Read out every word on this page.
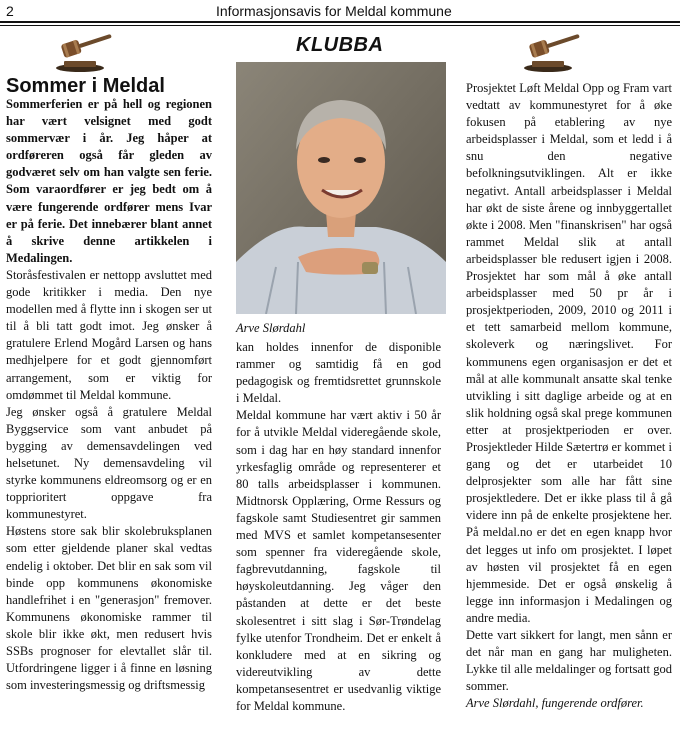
2	Informasjonsavis for Meldal kommune
KLUBBA
Sommer i Meldal

Sommerferien er på hell og regionen har vært velsignet med godt sommervær i år. Jeg håper at ordføreren også får gleden av godværet selv om han valgte sen ferie. Som varaordfører er jeg bedt om å være fungerende ordfører mens Ivar er på ferie. Det innebærer blant annet å skrive denne artikkelen i Medalingen.

Storåsfestivalen er nettopp avsluttet med gode kritikker i media. Den nye modellen med å flytte inn i skogen ser ut til å bli tatt godt imot. Jeg ønsker å gratulere Erlend Mogård Larsen og hans medhjelpere for et godt gjennomført arrangement, som er viktig for omdømmet til Meldal kommune.

Jeg ønsker også å gratulere Meldal Byggservice som vant anbudet på bygging av demensavdelingen ved helsetunet. Ny demensavdeling vil styrke kommunens eldreomsorg og er en topprioritert oppgave fra kommunestyret.

Høstens store sak blir skolebruksplanen som etter gjeldende planer skal vedtas endelig i oktober. Det blir en sak som vil binde opp kommunens økonomiske handlefrihet i en "generasjon" fremover. Kommunens økonomiske rammer til skole blir ikke økt, men redusert hvis SSBs prognoser for elevtallet slår til. Utfordringene ligger i å finne en løsning som investeringsmessig og driftsmessig

Arve Slørdahl

kan holdes innenfor de disponible rammer og samtidig få en god pedagogisk og fremtidsrettet grunnskole i Meldal.

Meldal kommune har vært aktiv i 50 år for å utvikle Meldal videregående skole, som i dag har en høy standard innenfor yrkesfaglig område og representerer et 80 talls arbeidsplasser i kommunen. Midtnorsk Opplæring, Orme Ressurs og fagskole samt Studiesentret gir sammen med MVS et samlet kompetansesenter som spenner fra videregående skole, fagbrevutdanning, fagskole til høyskoleutdanning. Jeg våger den påstanden at dette er det beste skolesentret i sitt slag i Sør-Trøndelag fylke utenfor Trondheim. Det er enkelt å konkludere med at en sikring og videreutvikling av dette kompetansesentret er usedvanlig viktige for Meldal kommune.

Prosjektet Løft Meldal Opp og Fram vart vedtatt av kommunestyret for å øke fokusen på etablering av nye arbeidsplasser i Meldal, som et ledd i å snu den negative befolkningsutviklingen. Alt er ikke negativt. Antall arbeidsplasser i Meldal har økt de siste årene og innbyggertallet økte i 2008. Men "finanskrisen" har også rammet Meldal slik at antall arbeidsplasser ble redusert igjen i 2008. Prosjektet har som mål å øke antall arbeidsplasser med 50 pr år i prosjektperioden, 2009, 2010 og 2011 i et tett samarbeid mellom kommune, skoleverk og næringslivet. For kommunens egen organisasjon er det et mål at alle kommunalt ansatte skal tenke utvikling i sitt daglige arbeide og at en slik holdning også skal prege kommunen etter at prosjektperioden er over. Prosjektleder Hilde Sætertrø er kommet i gang og det er utarbeidet 10 delprosjekter som alle har fått sine prosjektledere. Det er ikke plass til å gå videre inn på de enkelte prosjektene her. På meldal.no er det en egen knapp hvor det legges ut info om prosjektet. I løpet av høsten vil prosjektet få en egen hjemmeside. Det er også ønskelig å legge inn informasjon i Medalingen og andre media.

Dette vart sikkert for langt, men sånn er det når man en gang har muligheten. Lykke til alle meldalinger og fortsatt god sommer.

Arve Slørdahl, fungerende ordfører.
